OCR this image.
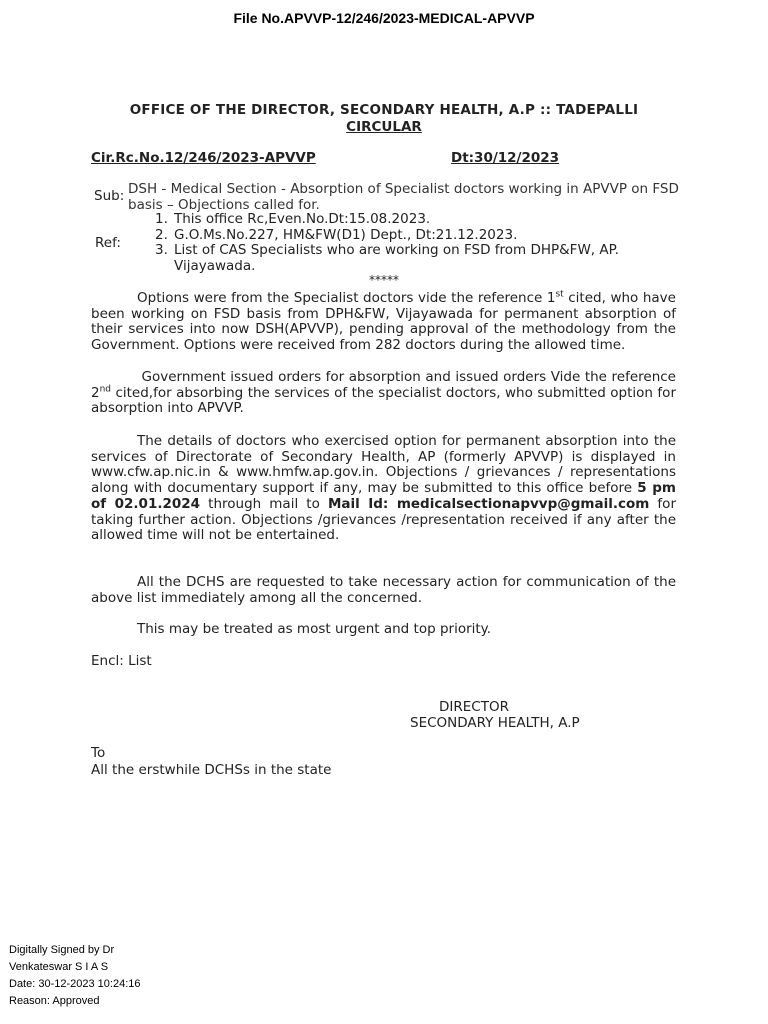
File No.APVVP-12/246/2023-MEDICAL-APVVP
OFFICE OF THE DIRECTOR, SECONDARY HEALTH, A.P :: TADEPALLI
CIRCULAR
Cir.Rc.No.12/246/2023-APVVP	Dt:30/12/2023
Sub: DSH - Medical Section - Absorption of Specialist doctors working in APVVP on FSD basis – Objections called for.
Ref:
1. This office Rc,Even.No.Dt:15.08.2023.
2. G.O.Ms.No.227, HM&FW(D1) Dept., Dt:21.12.2023.
3. List of CAS Specialists who are working on FSD from DHP&FW, AP. Vijayawada.
*****

Options were from the Specialist doctors vide the reference 1st cited, who have been working on FSD basis from DPH&FW, Vijayawada for permanent absorption of their services into now DSH(APVVP), pending approval of the methodology from the Government. Options were received from 282 doctors during the allowed time.

Government issued orders for absorption and issued orders Vide the reference 2nd cited,for absorbing the services of the specialist doctors, who submitted option for absorption into APVVP.

The details of doctors who exercised option for permanent absorption into the services of Directorate of Secondary Health, AP (formerly APVVP) is displayed in www.cfw.ap.nic.in & www.hmfw.ap.gov.in. Objections / grievances / representations along with documentary support if any, may be submitted to this office before 5 pm of 02.01.2024 through mail to Mail Id: medicalsectionapvvp@gmail.com for taking further action. Objections /grievances /representation received if any after the allowed time will not be entertained.

All the DCHS are requested to take necessary action for communication of the above list immediately among all the concerned.

This may be treated as most urgent and top priority.

Encl: List
DIRECTOR
SECONDARY HEALTH, A.P
To
All the erstwhile DCHSs in the state
Digitally Signed by Dr
Venkateswar S I A S
Date: 30-12-2023 10:24:16
Reason: Approved
